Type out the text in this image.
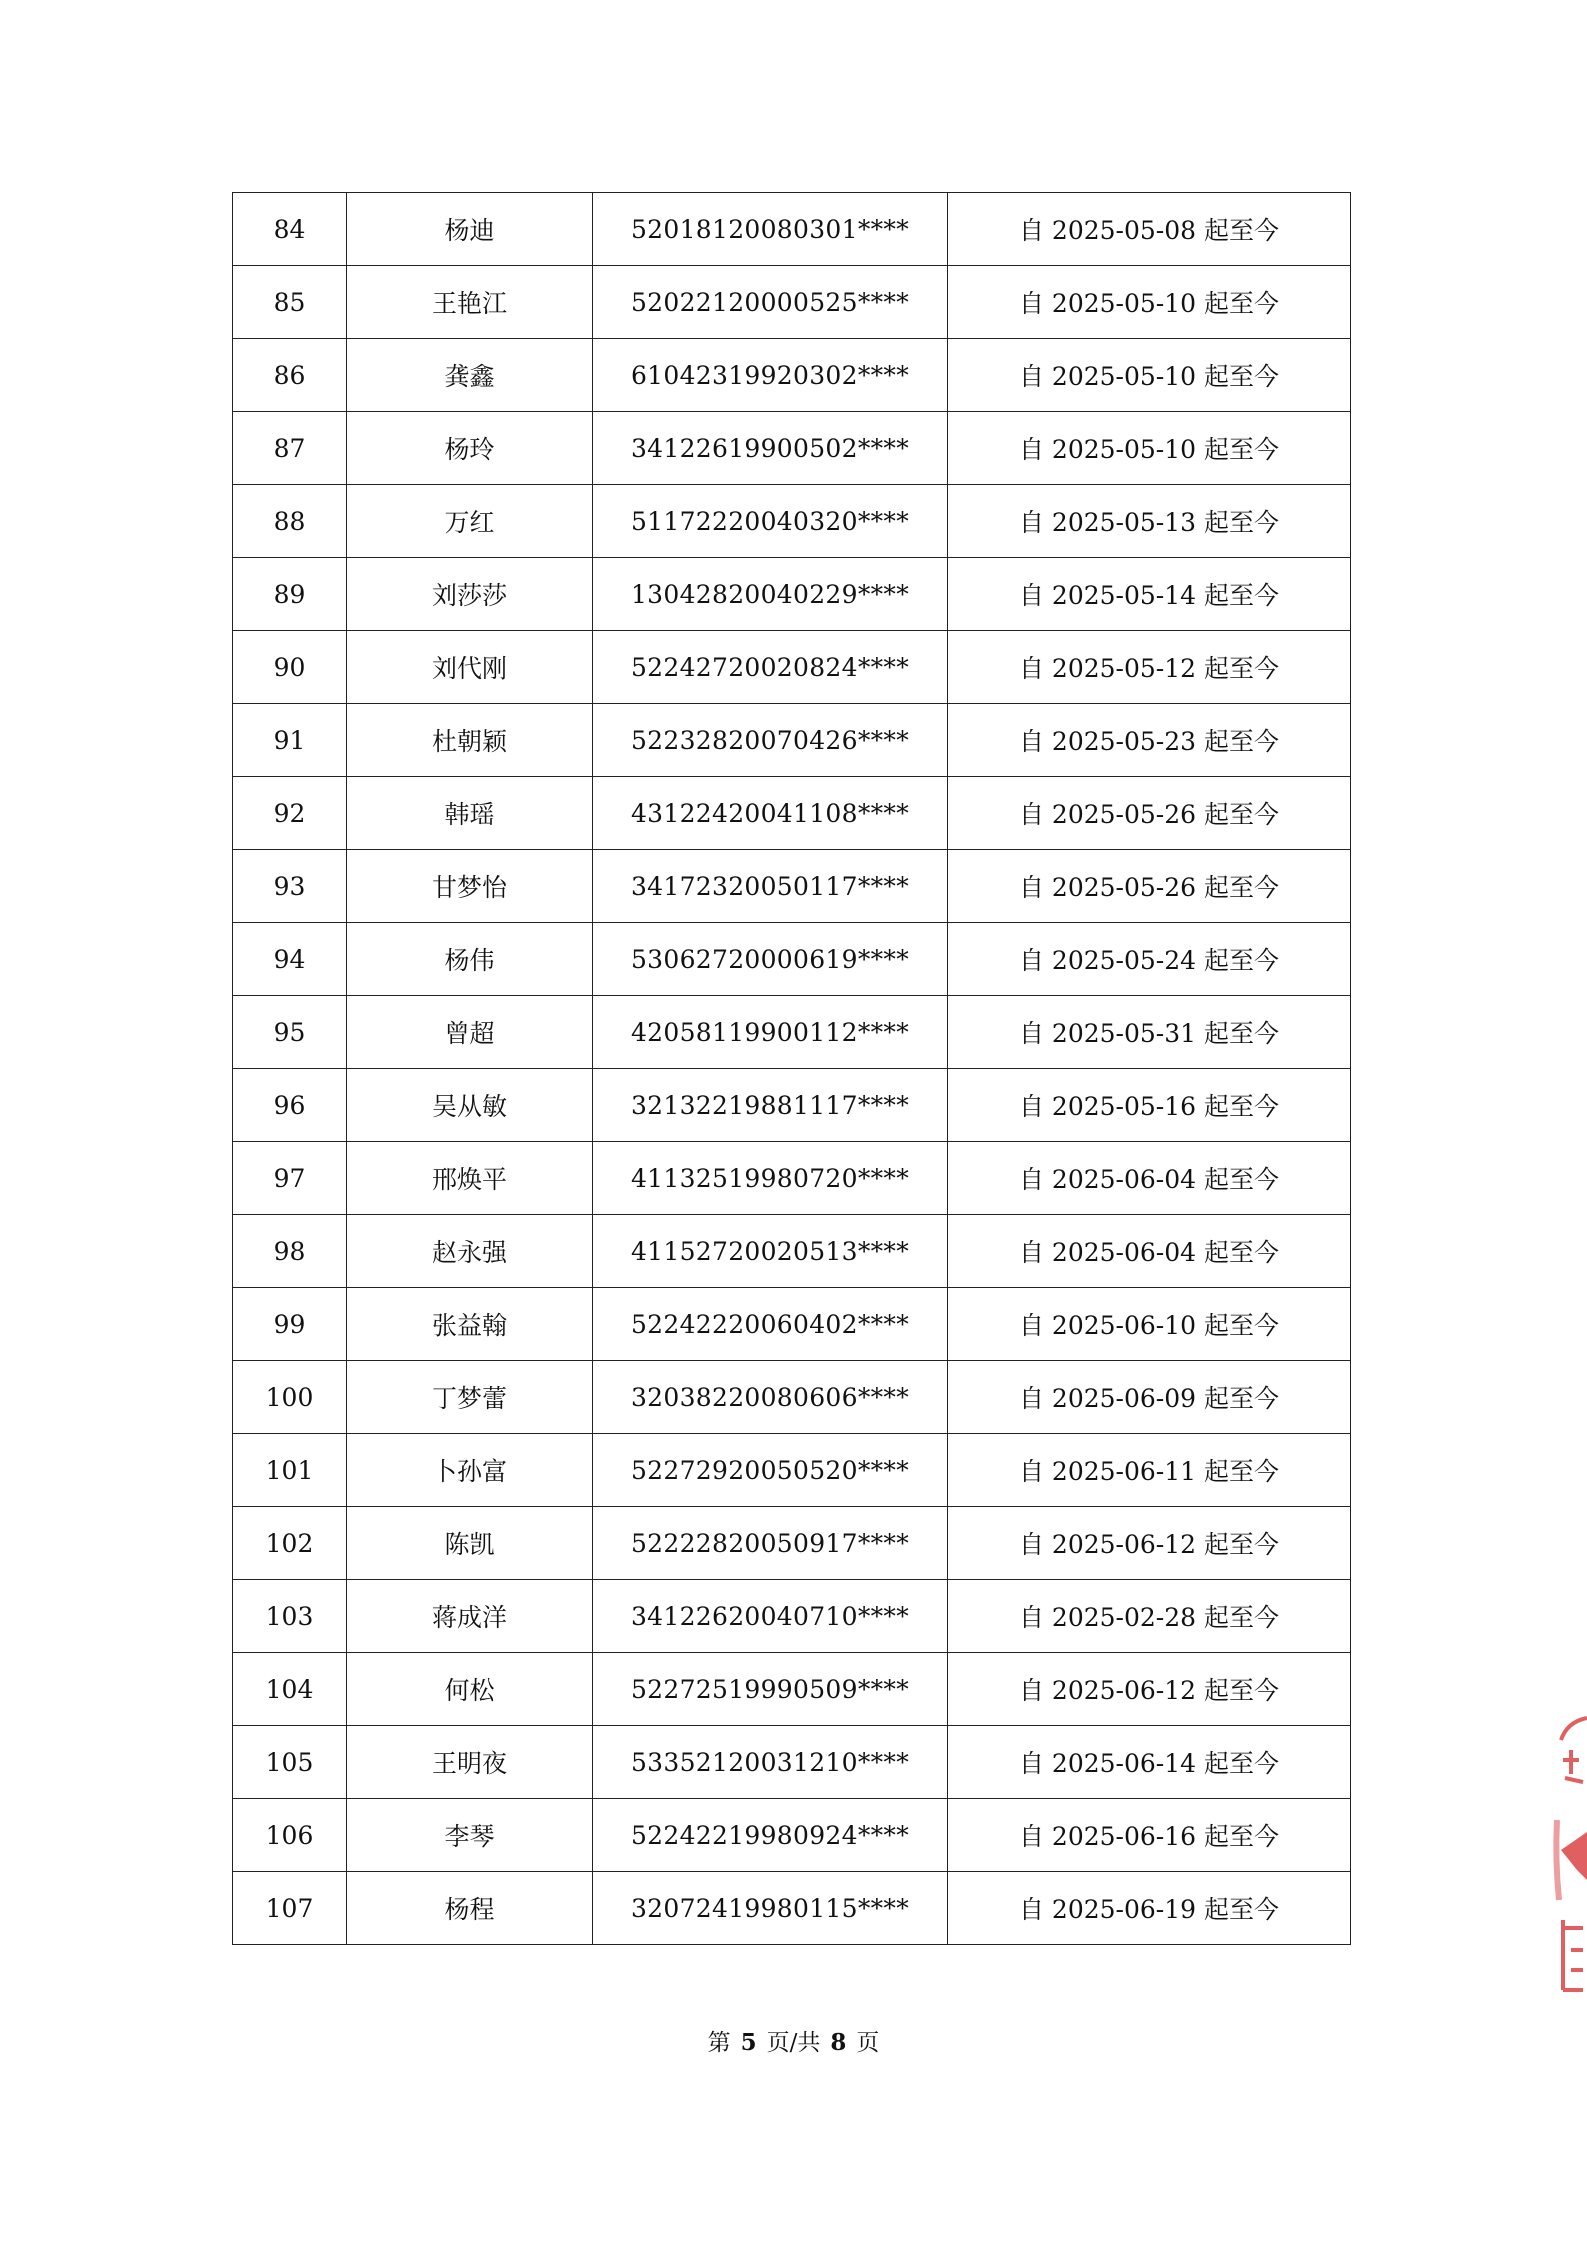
84	杨迪	52018120080301****	自 2025-05-08 起至今
85	王艳江	52022120000525****	自 2025-05-10 起至今
86	龚鑫	61042319920302****	自 2025-05-10 起至今
87	杨玲	34122619900502****	自 2025-05-10 起至今
88	万红	51172220040320****	自 2025-05-13 起至今
89	刘莎莎	13042820040229****	自 2025-05-14 起至今
90	刘代刚	52242720020824****	自 2025-05-12 起至今
91	杜朝颖	52232820070426****	自 2025-05-23 起至今
92	韩瑶	43122420041108****	自 2025-05-26 起至今
93	甘梦怡	34172320050117****	自 2025-05-26 起至今
94	杨伟	53062720000619****	自 2025-05-24 起至今
95	曾超	42058119900112****	自 2025-05-31 起至今
96	吴从敏	32132219881117****	自 2025-05-16 起至今
97	邢焕平	41132519980720****	自 2025-06-04 起至今
98	赵永强	41152720020513****	自 2025-06-04 起至今
99	张益翰	52242220060402****	自 2025-06-10 起至今
100	丁梦蕾	32038220080606****	自 2025-06-09 起至今
101	卜孙富	52272920050520****	自 2025-06-11 起至今
102	陈凯	52222820050917****	自 2025-06-12 起至今
103	蒋成洋	34122620040710****	自 2025-02-28 起至今
104	何松	52272519990509****	自 2025-06-12 起至今
105	王明夜	53352120031210****	自 2025-06-14 起至今
106	李琴	52242219980924****	自 2025-06-16 起至今
107	杨程	32072419980115****	自 2025-06-19 起至今
第 5 页/共 8 页
